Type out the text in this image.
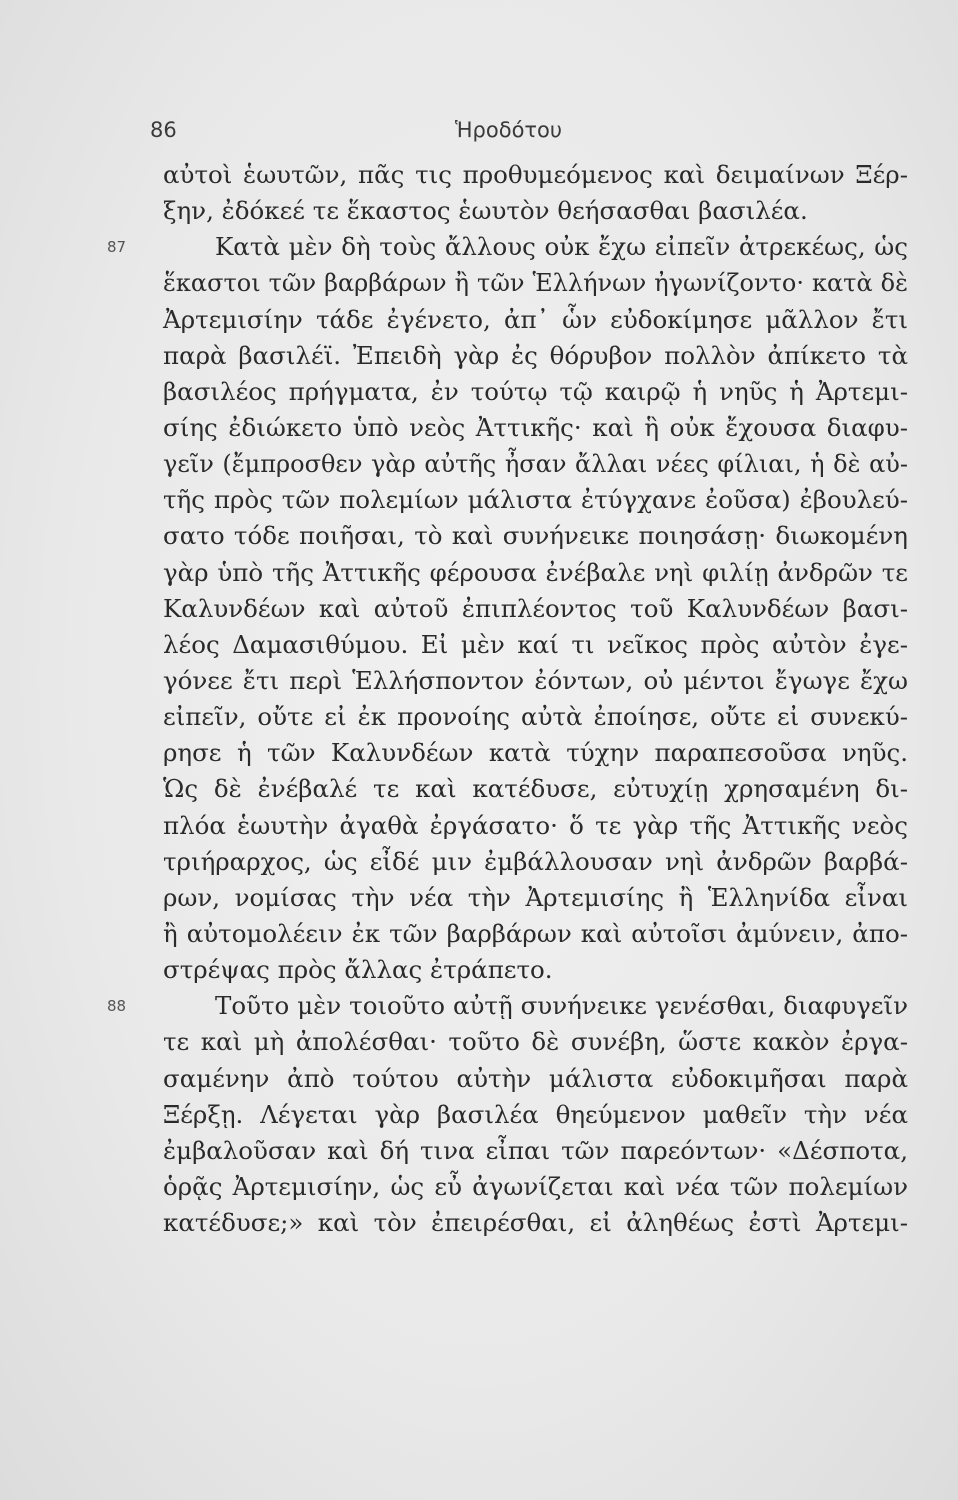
86	Ἡροδότου
αὐτοὶ ἑωυτῶν, πᾶς τις προθυμεόμενος καὶ δειμαίνων Ξέρ-
ξην, ἐδόκεέ τε ἕκαστος ἑωυτὸν θεήσασθαι βασιλέα.
87	Κατὰ μὲν δὴ τοὺς ἄλλους οὐκ ἔχω εἰπεῖν ἀτρεκέως, ὡς
ἕκαστοι τῶν βαρβάρων ἢ τῶν Ἑλλήνων ἠγωνίζοντο· κατὰ δὲ
Ἀρτεμισίην τάδε ἐγένετο, ἀπ᾽ ὧν εὐδοκίμησε μᾶλλον ἔτι
παρὰ βασιλέϊ. Ἐπειδὴ γὰρ ἐς θόρυβον πολλὸν ἀπίκετο τὰ
βασιλέος πρήγματα, ἐν τούτῳ τῷ καιρῷ ἡ νηῦς ἡ Ἀρτεμι-
σίης ἐδιώκετο ὑπὸ νεὸς Ἀττικῆς· καὶ ἣ οὐκ ἔχουσα διαφυ-
γεῖν (ἔμπροσθεν γὰρ αὐτῆς ἦσαν ἄλλαι νέες φίλιαι, ἡ δὲ αὐ-
τῆς πρὸς τῶν πολεμίων μάλιστα ἐτύγχανε ἐοῦσα) ἐβουλεύ-
σατο τόδε ποιῆσαι, τὸ καὶ συνήνεικε ποιησάσῃ· διωκομένη
γὰρ ὑπὸ τῆς Ἀττικῆς φέρουσα ἐνέβαλε νηὶ φιλίῃ ἀνδρῶν τε
Καλυνδέων καὶ αὐτοῦ ἐπιπλέοντος τοῦ Καλυνδέων βασι-
λέος Δαμασιθύμου. Εἰ μὲν καί τι νεῖκος πρὸς αὐτὸν ἐγε-
γόνεε ἔτι περὶ Ἑλλήσποντον ἐόντων, οὐ μέντοι ἔγωγε ἔχω
εἰπεῖν, οὔτε εἰ ἐκ προνοίης αὐτὰ ἐποίησε, οὔτε εἰ συνεκύ-
ρησε ἡ τῶν Καλυνδέων κατὰ τύχην παραπεσοῦσα νηῦς.
Ὡς δὲ ἐνέβαλέ τε καὶ κατέδυσε, εὐτυχίῃ χρησαμένη δι-
πλόα ἑωυτὴν ἀγαθὰ ἐργάσατο· ὅ τε γὰρ τῆς Ἀττικῆς νεὸς
τριήραρχος, ὡς εἶδέ μιν ἐμβάλλουσαν νηὶ ἀνδρῶν βαρβά-
ρων, νομίσας τὴν νέα τὴν Ἀρτεμισίης ἢ Ἑλληνίδα εἶναι
ἢ αὐτομολέειν ἐκ τῶν βαρβάρων καὶ αὐτοῖσι ἀμύνειν, ἀπο-
στρέψας πρὸς ἄλλας ἐτράπετο.
88	Τοῦτο μὲν τοιοῦτο αὐτῇ συνήνεικε γενέσθαι, διαφυγεῖν
τε καὶ μὴ ἀπολέσθαι· τοῦτο δὲ συνέβη, ὥστε κακὸν ἐργα-
σαμένην ἀπὸ τούτου αὐτὴν μάλιστα εὐδοκιμῆσαι παρὰ
Ξέρξῃ. Λέγεται γὰρ βασιλέα θηεύμενον μαθεῖν τὴν νέα
ἐμβαλοῦσαν καὶ δή τινα εἶπαι τῶν παρεόντων· «Δέσποτα,
ὁρᾷς Ἀρτεμισίην, ὡς εὖ ἀγωνίζεται καὶ νέα τῶν πολεμίων
κατέδυσε;» καὶ τὸν ἐπειρέσθαι, εἰ ἀληθέως ἐστὶ Ἀρτεμι-
